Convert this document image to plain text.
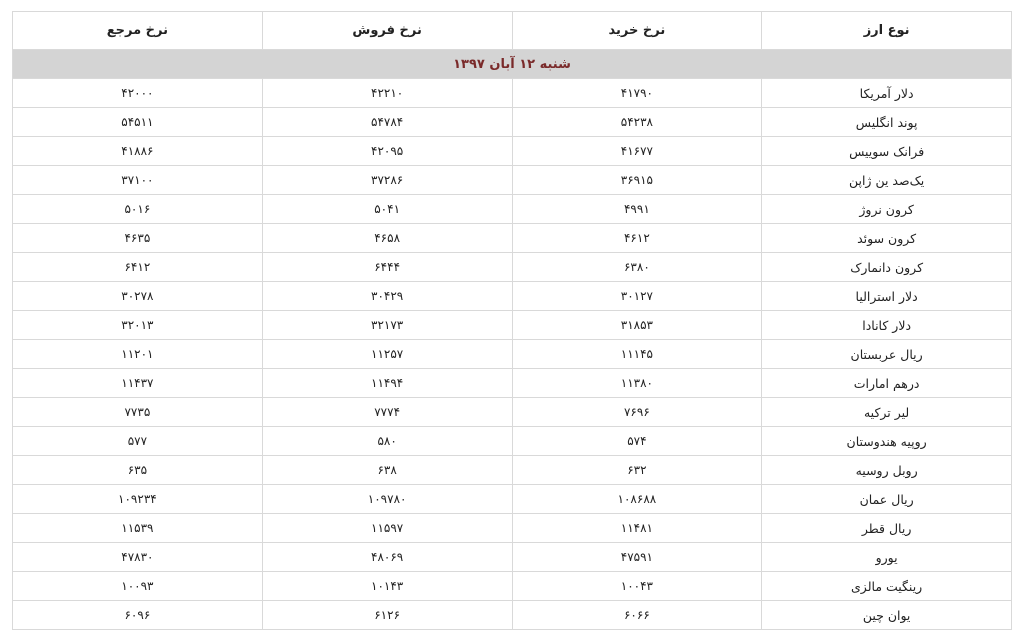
نوع ارز	نرخ خرید	نرخ فروش	نرخ مرجع
شنبه ۱۲ آبان ۱۳۹۷			
دلار آمریکا	۴۱۷۹۰	۴۲۲۱۰	۴۲۰۰۰
پوند انگلیس	۵۴۲۳۸	۵۴۷۸۴	۵۴۵۱۱
فرانک سوییس	۴۱۶۷۷	۴۲۰۹۵	۴۱۸۸۶
یک‌صد ین ژاپن	۳۶۹۱۵	۳۷۲۸۶	۳۷۱۰۰
کرون نروژ	۴۹۹۱	۵۰۴۱	۵۰۱۶
کرون سوئد	۴۶۱۲	۴۶۵۸	۴۶۳۵
کرون دانمارک	۶۳۸۰	۶۴۴۴	۶۴۱۲
دلار استرالیا	۳۰۱۲۷	۳۰۴۲۹	۳۰۲۷۸
دلار کانادا	۳۱۸۵۳	۳۲۱۷۳	۳۲۰۱۳
ریال عربستان	۱۱۱۴۵	۱۱۲۵۷	۱۱۲۰۱
درهم امارات	۱۱۳۸۰	۱۱۴۹۴	۱۱۴۳۷
لیر ترکیه	۷۶۹۶	۷۷۷۴	۷۷۳۵
روپیه هندوستان	۵۷۴	۵۸۰	۵۷۷
روبل روسیه	۶۳۲	۶۳۸	۶۳۵
ریال عمان	۱۰۸۶۸۸	۱۰۹۷۸۰	۱۰۹۲۳۴
ریال قطر	۱۱۴۸۱	۱۱۵۹۷	۱۱۵۳۹
یورو	۴۷۵۹۱	۴۸۰۶۹	۴۷۸۳۰
رینگیت مالزی	۱۰۰۴۳	۱۰۱۴۳	۱۰۰۹۳
یوان چین	۶۰۶۶	۶۱۲۶	۶۰۹۶
